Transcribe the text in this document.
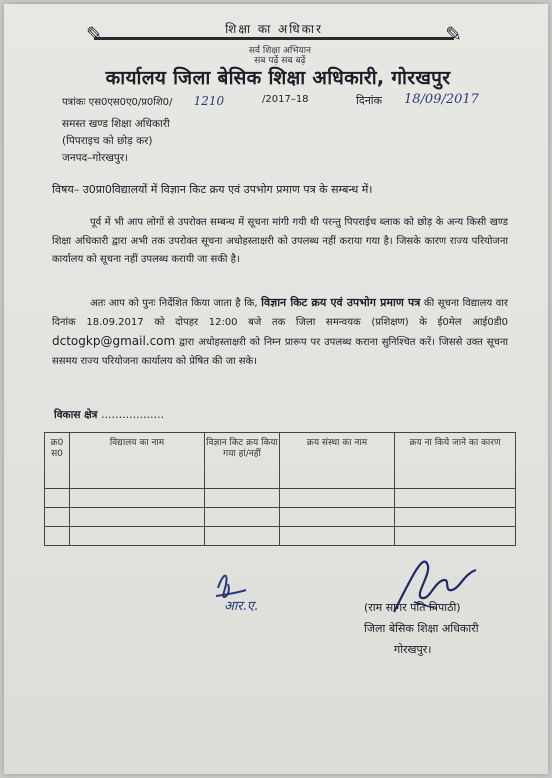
✎	✎
शिक्षा का अधिकार
सर्व शिक्षा अभियान
सब पढ़ें सब बढ़ें
कार्यालय जिला बेसिक शिक्षा अधिकारी, गोरखपुर
पत्रांकः एस0एस0ए0/प्र0शि0/ 1210	/2017–18	दिनांक 18/09/2017
समस्त खण्ड शिक्षा अधिकारी
(पिपराइच को छोड़ कर)
जनपद–गोरखपुर।
विषय– उ0प्रा0विद्यालयों में विज्ञान किट क्रय एवं उपभोग प्रमाण पत्र के सम्बन्ध में।
पूर्व में भी आप लोगों से उपरोक्त सम्बन्ध में सूचना मांगी गयी थी परन्तु पिपराईच ब्लाक को छोड़ के अन्य किसी खण्ड शिक्षा अधिकारी द्वारा अभी तक उपरोक्त सूचना अधोहस्ताक्षरी को उपलब्ध नहीं कराया गया है। जिसके कारण राज्य परियोजना कार्यालय को सूचना नहीं उपलब्ध करायी जा सकी है।
अतः आप को पुनः निर्देशित किया जाता है कि, विज्ञान किट क्रय एवं उपभोग प्रमाण पत्र की सूचना विद्यालय वार दिनांक 18.09.2017 को दोपहर 12:00 बजे तक जिला समन्वयक (प्रशिक्षण) के ई0मेल आई0डी0 dctogkp@gmail.com द्वारा अधोहस्ताक्षरी को निम्न प्रारूप पर उपलब्ध कराना सुनिश्चित करें। जिससे उक्त सूचना ससमय राज्य परियोजना कार्यालय को प्रेषित की जा सके।
विकास क्षेत्र ………………
क्र0 स0	विद्यालय का नाम	विज्ञान किट क्रय किया गया हां/नहीं	क्रय संस्था का नाम	क्रय ना किये जाने का कारण

आर.ए.	(राम सागर पति त्रिपाठी)
जिला बेसिक शिक्षा अधिकारी
गोरखपुर।
